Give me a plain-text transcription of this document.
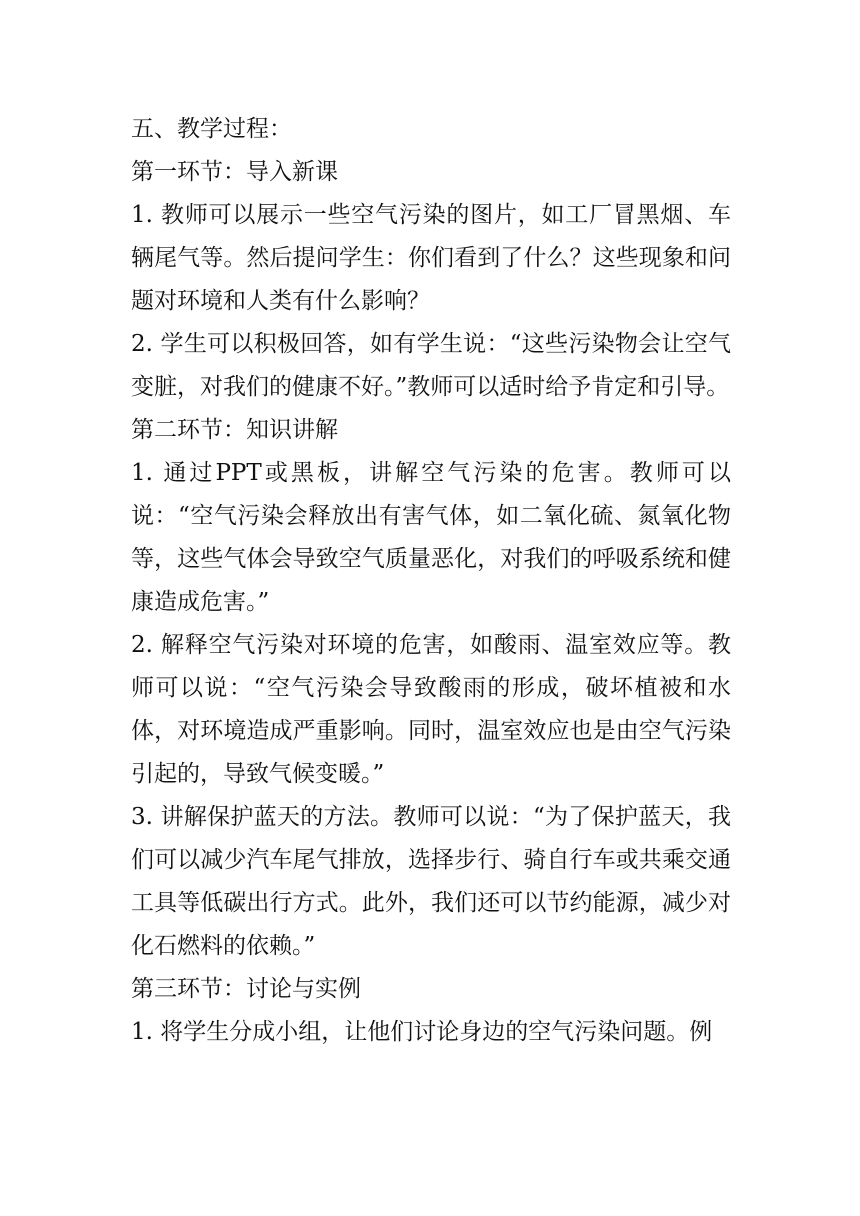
五、教学过程：

第一环节：导入新课

1. 教师可以展示一些空气污染的图片，如工厂冒黑烟、车辆尾气等。然后提问学生：你们看到了什么？这些现象和问题对环境和人类有什么影响？

2. 学生可以积极回答，如有学生说：“这些污染物会让空气变脏，对我们的健康不好。”教师可以适时给予肯定和引导。

第二环节：知识讲解

1. 通过PPT或黑板，讲解空气污染的危害。教师可以说：“空气污染会释放出有害气体，如二氧化硫、氮氧化物等，这些气体会导致空气质量恶化，对我们的呼吸系统和健康造成危害。”

2. 解释空气污染对环境的危害，如酸雨、温室效应等。教师可以说：“空气污染会导致酸雨的形成，破坏植被和水体，对环境造成严重影响。同时，温室效应也是由空气污染引起的，导致气候变暖。”

3. 讲解保护蓝天的方法。教师可以说：“为了保护蓝天，我们可以减少汽车尾气排放，选择步行、骑自行车或共乘交通工具等低碳出行方式。此外，我们还可以节约能源，减少对化石燃料的依赖。”

第三环节：讨论与实例

1. 将学生分成小组，让他们讨论身边的空气污染问题。例
